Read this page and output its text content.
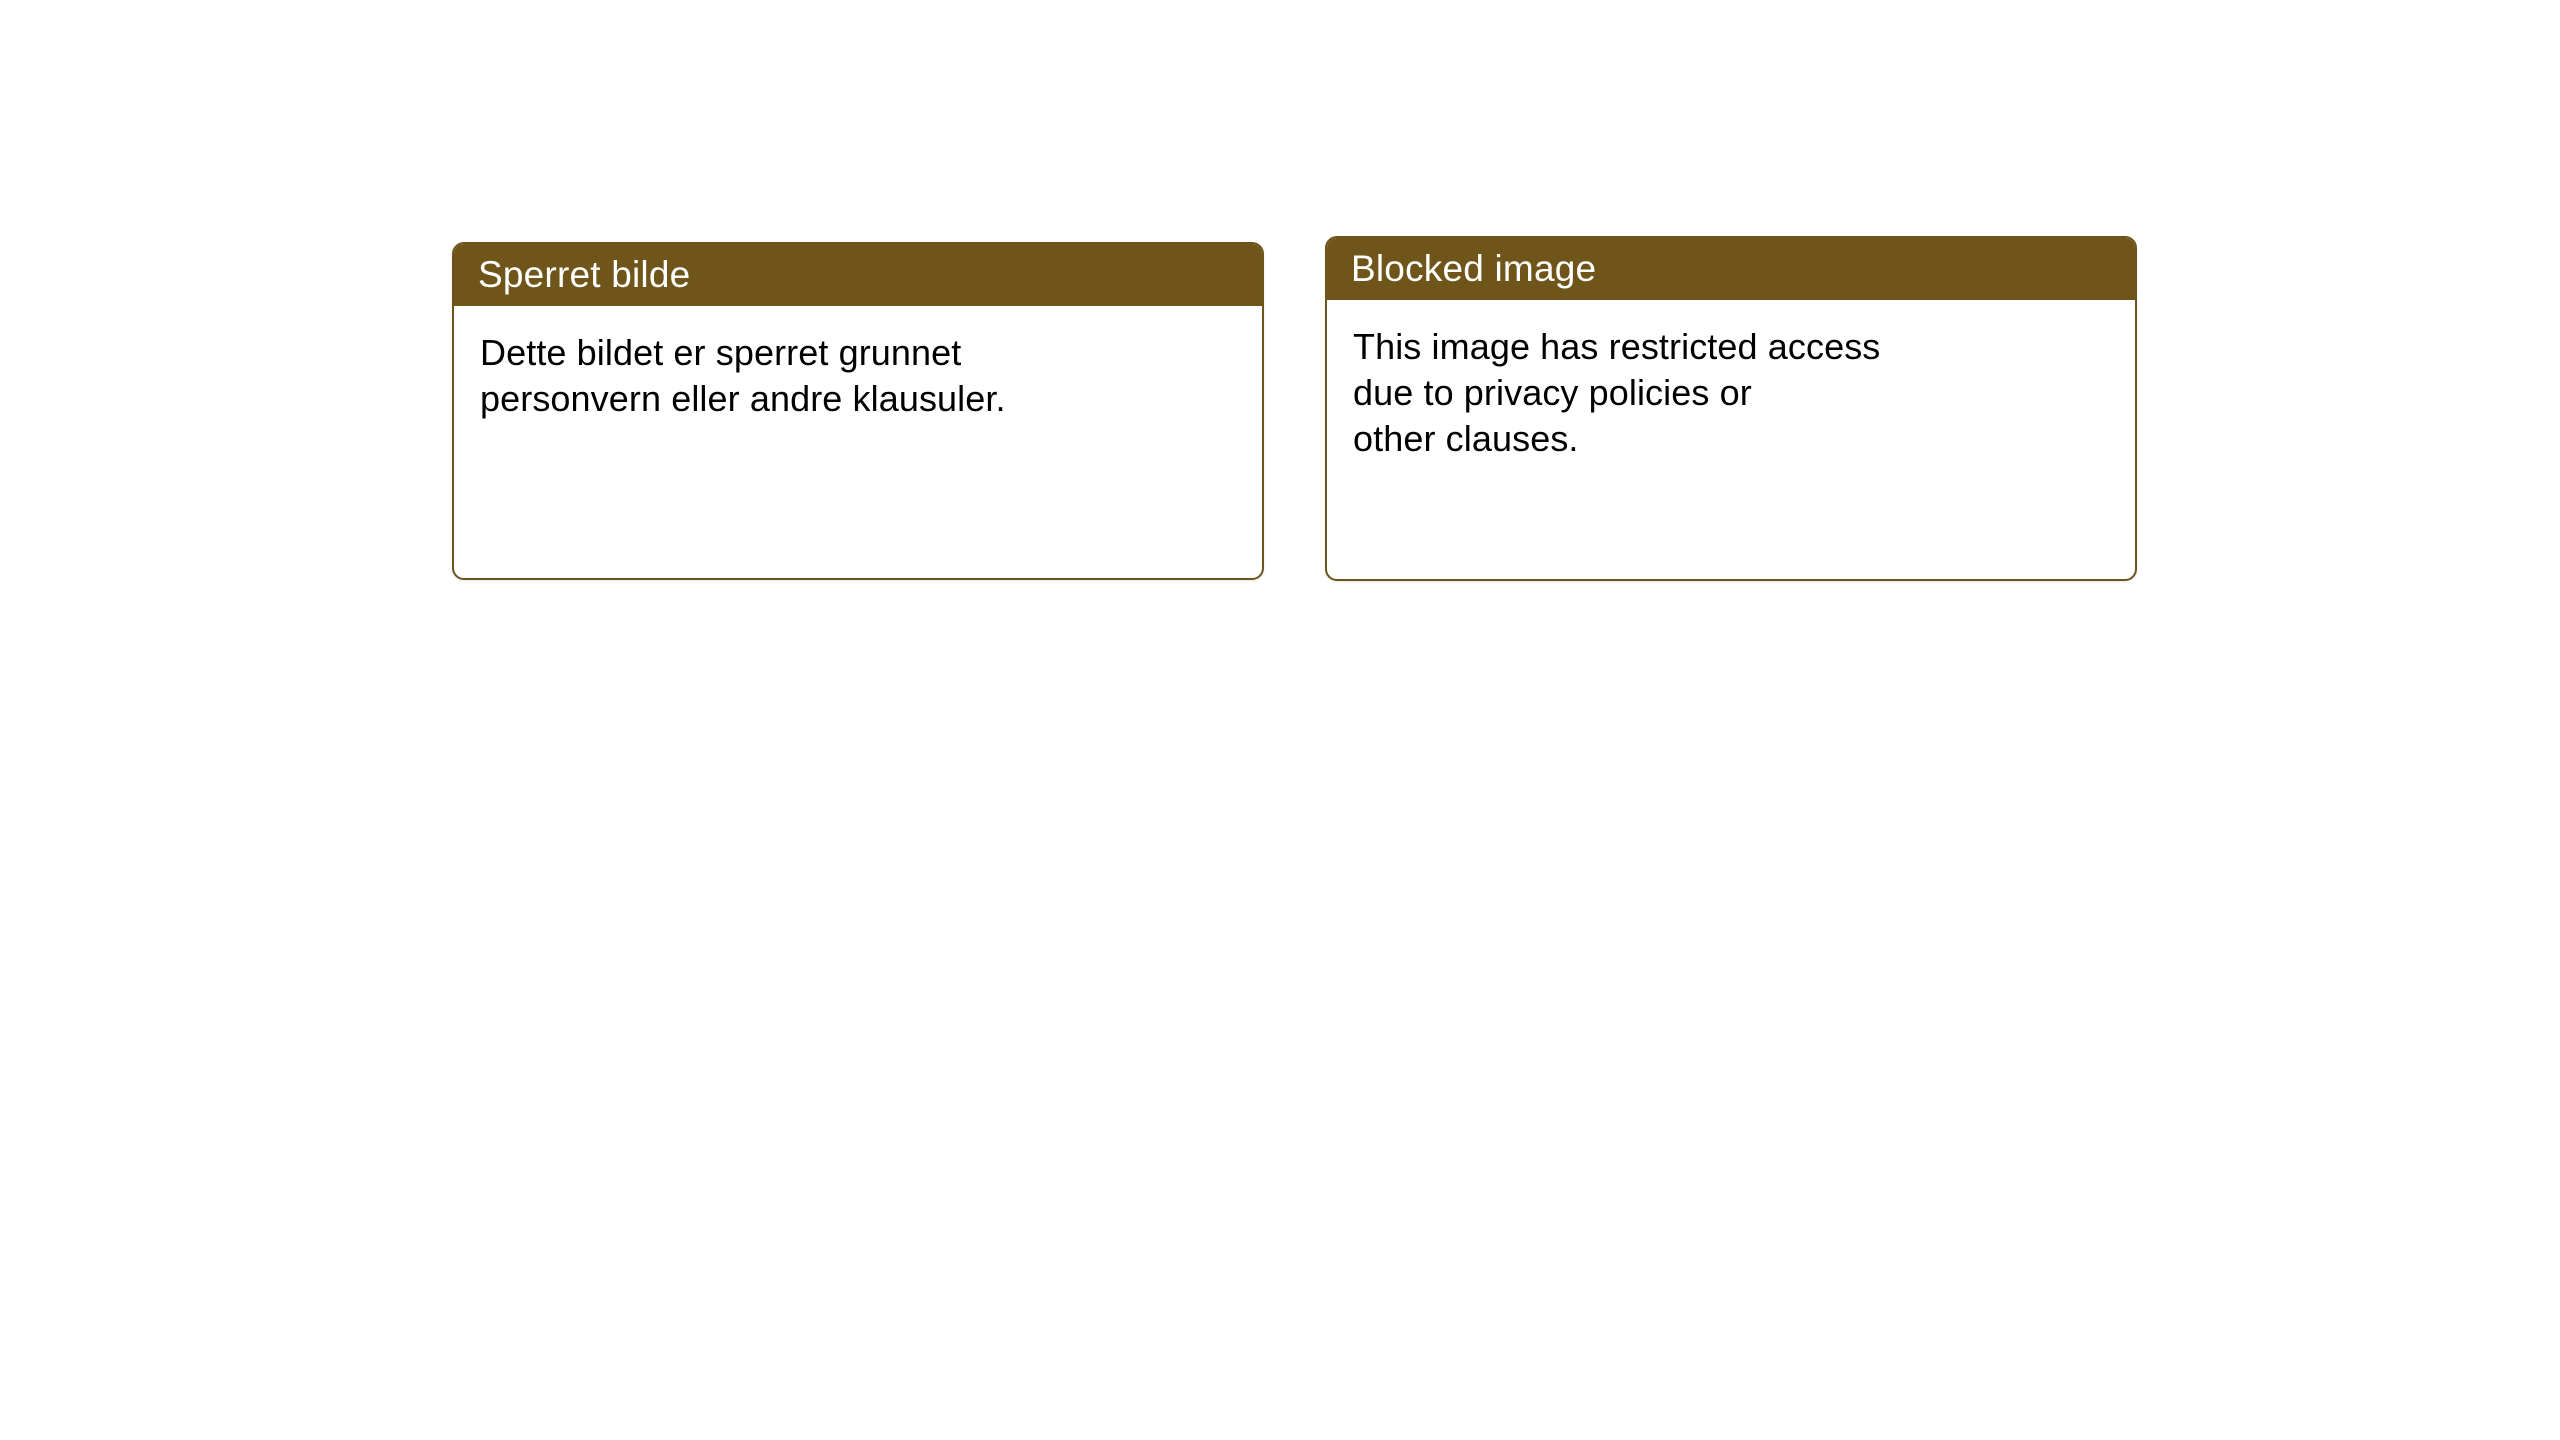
Sperret bilde

Dette bildet er sperret grunnet
personvern eller andre klausuler.

Blocked image

This image has restricted access
due to privacy policies or
other clauses.
